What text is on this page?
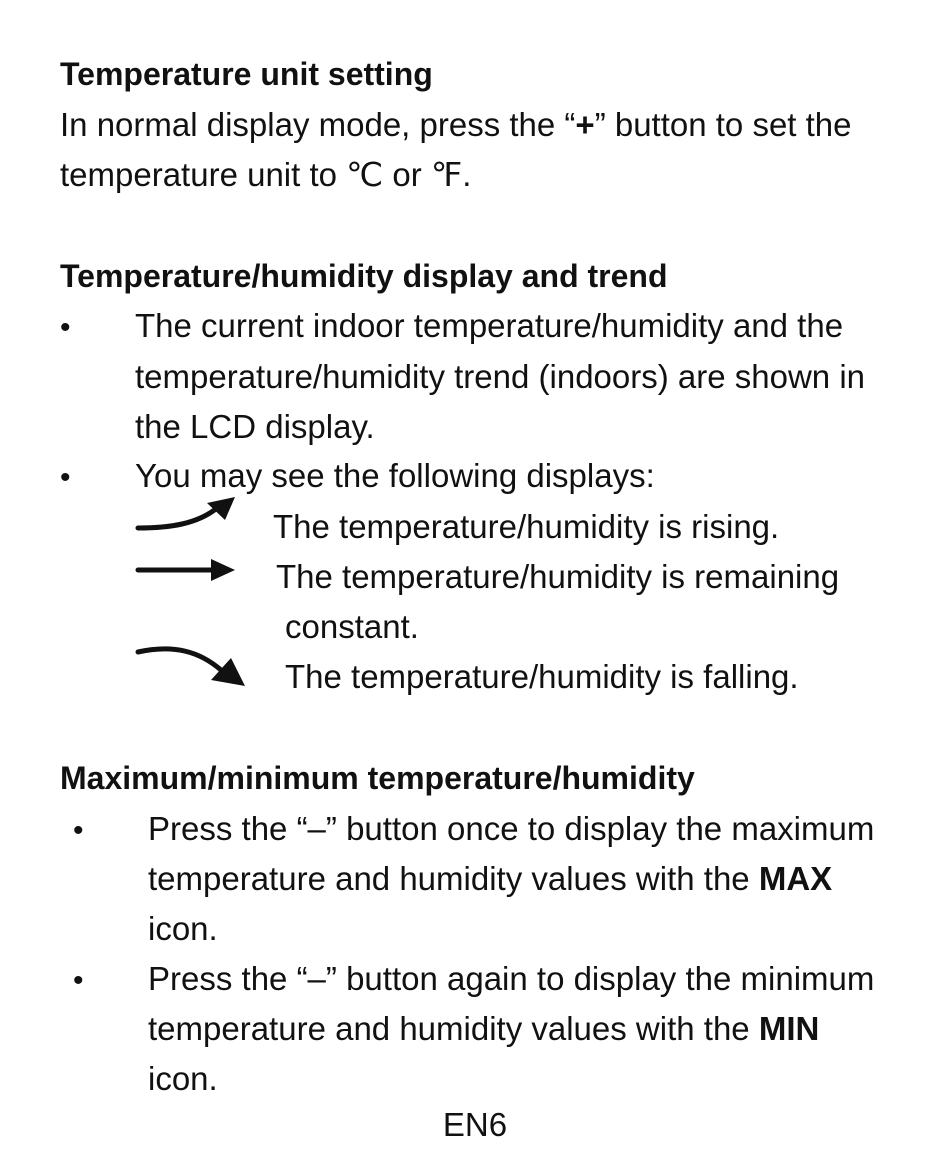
Temperature unit setting
In normal display mode, press the “+” button to set the
temperature unit to ℃ or ℉.
Temperature/humidity display and trend
• The current indoor temperature/humidity and the
temperature/humidity trend (indoors) are shown in
the LCD display.
• You may see the following displays:
The temperature/humidity is rising.
The temperature/humidity is remaining
constant.
The temperature/humidity is falling.
Maximum/minimum temperature/humidity
• Press the “–” button once to display the maximum
temperature and humidity values with the MAX
icon.
• Press the “–” button again to display the minimum
temperature and humidity values with the MIN
icon.
EN6
